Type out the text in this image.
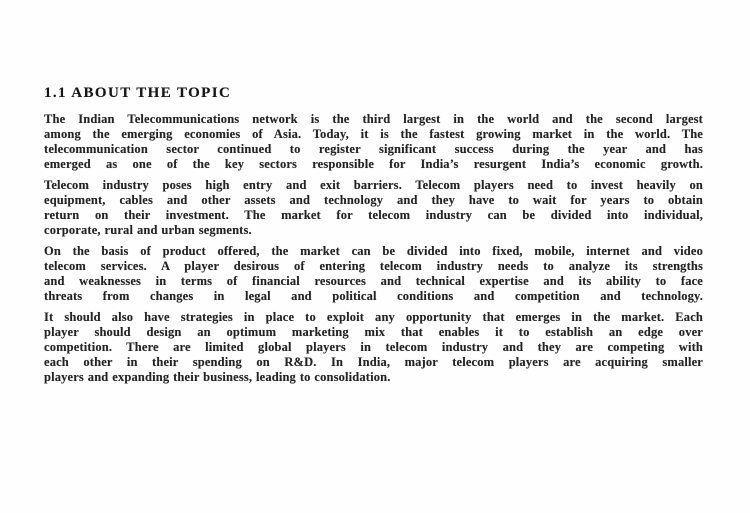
1.1 ABOUT THE TOPIC
The Indian Telecommunications network is the third largest in the world and the second largest
among the emerging economies of Asia. Today, it is the fastest growing market in the world. The
telecommunication sector continued to register significant success during the year and has
emerged as one of the key sectors responsible for India’s resurgent India’s economic growth.
Telecom industry poses high entry and exit barriers. Telecom players need to invest heavily on
equipment, cables and other assets and technology and they have to wait for years to obtain
return on their investment. The market for telecom industry can be divided into individual,
corporate, rural and urban segments.
On the basis of product offered, the market can be divided into fixed, mobile, internet and video
telecom services. A player desirous of entering telecom industry needs to analyze its strengths
and weaknesses in terms of financial resources and technical expertise and its ability to face
threats from changes in legal and political conditions and competition and technology.
It should also have strategies in place to exploit any opportunity that emerges in the market. Each
player should design an optimum marketing mix that enables it to establish an edge over
competition. There are limited global players in telecom industry and they are competing with
each other in their spending on R&D. In India, major telecom players are acquiring smaller
players and expanding their business, leading to consolidation.
